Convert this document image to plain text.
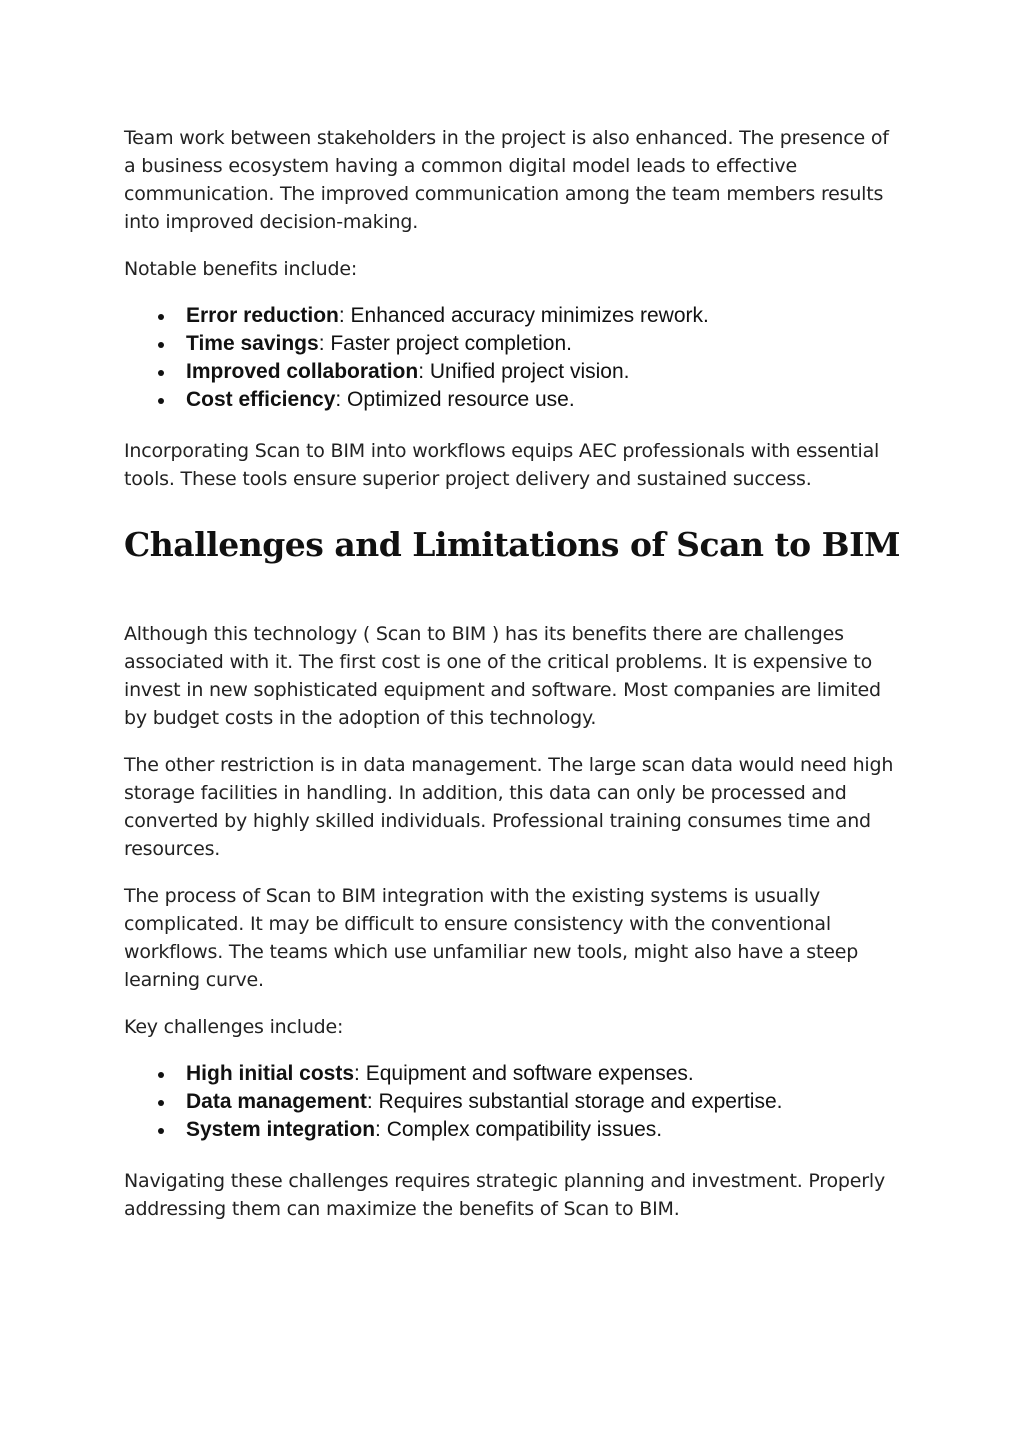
Team work between stakeholders in the project is also enhanced. The presence of a business ecosystem having a common digital model leads to effective communication. The improved communication among the team members results into improved decision-making.

Notable benefits include:

Error reduction: Enhanced accuracy minimizes rework.
Time savings: Faster project completion.
Improved collaboration: Unified project vision.
Cost efficiency: Optimized resource use.

Incorporating Scan to BIM into workflows equips AEC professionals with essential tools. These tools ensure superior project delivery and sustained success.

Challenges and Limitations of Scan to BIM

Although this technology ( Scan to BIM ) has its benefits there are challenges associated with it. The first cost is one of the critical problems. It is expensive to invest in new sophisticated equipment and software. Most companies are limited by budget costs in the adoption of this technology.

The other restriction is in data management. The large scan data would need high storage facilities in handling. In addition, this data can only be processed and converted by highly skilled individuals. Professional training consumes time and resources.

The process of Scan to BIM integration with the existing systems is usually complicated. It may be difficult to ensure consistency with the conventional workflows. The teams which use unfamiliar new tools, might also have a steep learning curve.

Key challenges include:

High initial costs: Equipment and software expenses.
Data management: Requires substantial storage and expertise.
System integration: Complex compatibility issues.

Navigating these challenges requires strategic planning and investment. Properly addressing them can maximize the benefits of Scan to BIM.
